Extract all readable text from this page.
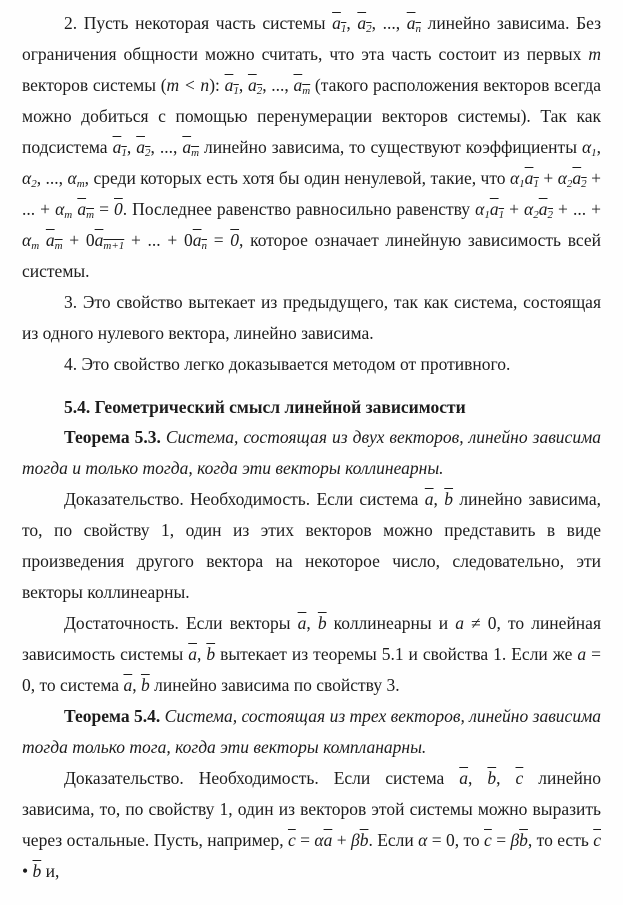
2. Пусть некоторая часть системы $a_1$, $a_2$, ..., $a_n$ линейно зависима. Без ограничения общности можно считать, что эта часть состоит из первых m векторов системы (m < n): $a_1$, $a_2$, ..., $a_m$ (такого расположения векторов всегда можно добиться с помощью перенумерации векторов системы). Так как подсистема $a_1$, $a_2$, ..., $a_m$ линейно зависима, то существуют коэффициенты $\alpha_1$, $\alpha_2$, ..., $\alpha_m$, среди которых есть хотя бы один ненулевой, такие, что $\alpha_1a_1 + \alpha_2a_2$ + ... + $\alpha_m$ $a_m = 0$. Последнее равенство равносильно равенству $\alpha_1a_1 + \alpha_2a_2$ + ... + $\alpha_m$ $a_m + 0a_{m+1}$ + ... + $0a_n = 0$, которое означает линейную зависимость всей системы.

3. Это свойство вытекает из предыдущего, так как система, состоящая из одного нулевого вектора, линейно зависима.

4. Это свойство легко доказывается методом от противного.

5.4. Геометрический смысл линейной зависимости

Теорема 5.3. Система, состоящая из двух векторов, линейно зависима тогда и только тогда, когда эти векторы коллинеарны.

Доказательство. Необходимость. Если система $\overline{a}$, $\overline{b}$ линейно зависима, то, по свойству 1, один из этих векторов можно представить в виде произведения другого вектора на некоторое число, следовательно, эти векторы коллинеарны.

Достаточность. Если векторы $\overline{a}$, $\overline{b}$ коллинеарны и a ≠ 0, то линейная зависимость системы $\overline{a}$, $\overline{b}$ вытекает из теоремы 5.1 и свойства 1. Если же a = 0, то система $\overline{a}$, $\overline{b}$ линейно зависима по свойству 3.

Теорема 5.4. Система, состоящая из трех векторов, линейно зависима тогда только тога, когда эти векторы компланарны.

Доказательство. Необходимость. Если система $\overline{a}$, $\overline{b}$, $\overline{c}$ линейно зависима, то, по свойству 1, один из векторов этой системы можно выразить через остальные. Пусть, например, $\overline{c} = \alpha\overline{a} + \beta\overline{b}$. Если α = 0, то $\overline{c} = \beta\overline{b}$, то есть $\overline{c}$ • $\overline{b}$ и,
